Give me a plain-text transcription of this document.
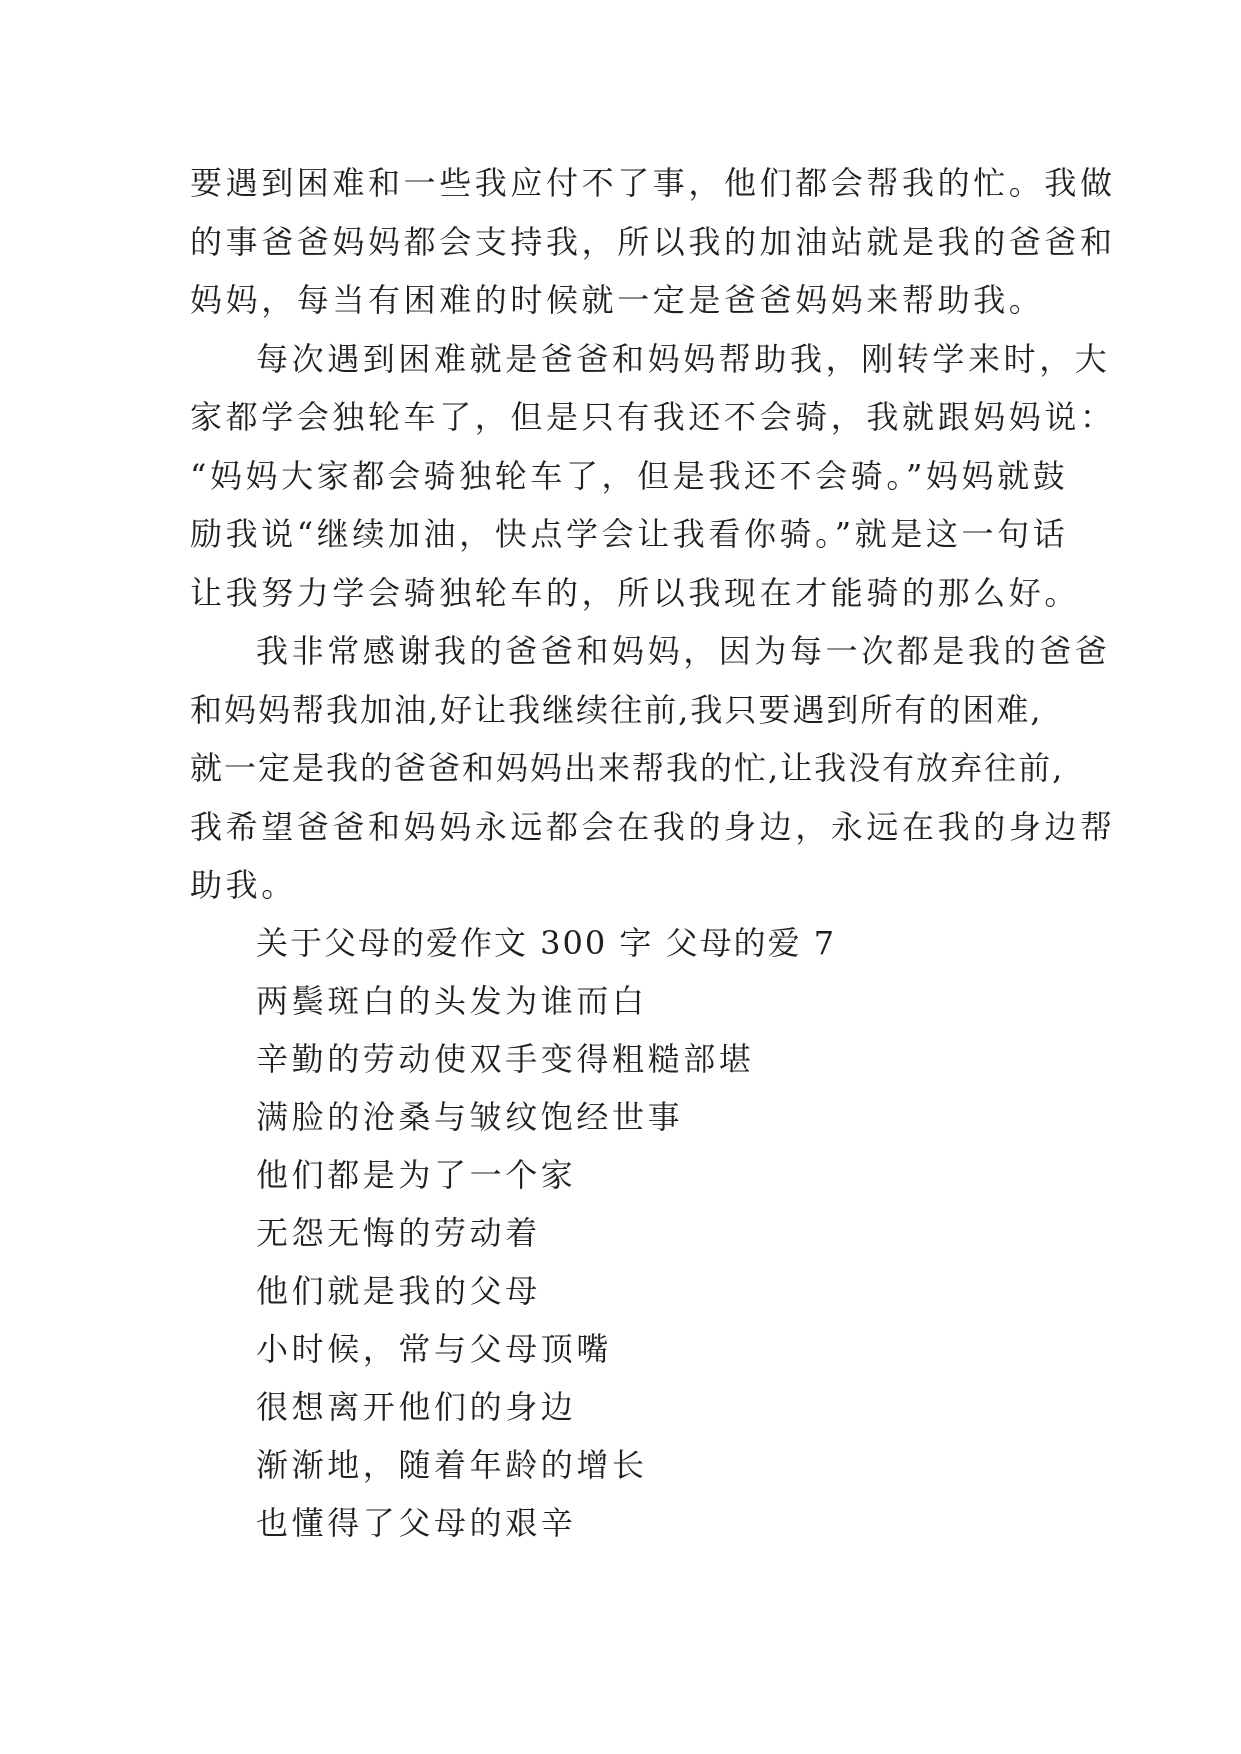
要遇到困难和一些我应付不了事，他们都会帮我的忙。我做
的事爸爸妈妈都会支持我，所以我的加油站就是我的爸爸和
妈妈，每当有困难的时候就一定是爸爸妈妈来帮助我。
每次遇到困难就是爸爸和妈妈帮助我，刚转学来时，大
家都学会独轮车了，但是只有我还不会骑，我就跟妈妈说：
“妈妈大家都会骑独轮车了，但是我还不会骑。”妈妈就鼓
励我说“继续加油，快点学会让我看你骑。”就是这一句话
让我努力学会骑独轮车的，所以我现在才能骑的那么好。
我非常感谢我的爸爸和妈妈，因为每一次都是我的爸爸
和妈妈帮我加油,好让我继续往前,我只要遇到所有的困难,
就一定是我的爸爸和妈妈出来帮我的忙,让我没有放弃往前,
我希望爸爸和妈妈永远都会在我的身边，永远在我的身边帮
助我。
关于父母的爱作文 300 字 父母的爱 7
两鬓斑白的头发为谁而白
辛勤的劳动使双手变得粗糙部堪
满脸的沧桑与皱纹饱经世事
他们都是为了一个家
无怨无悔的劳动着
他们就是我的父母
小时候，常与父母顶嘴
很想离开他们的身边
渐渐地，随着年龄的增长
也懂得了父母的艰辛
